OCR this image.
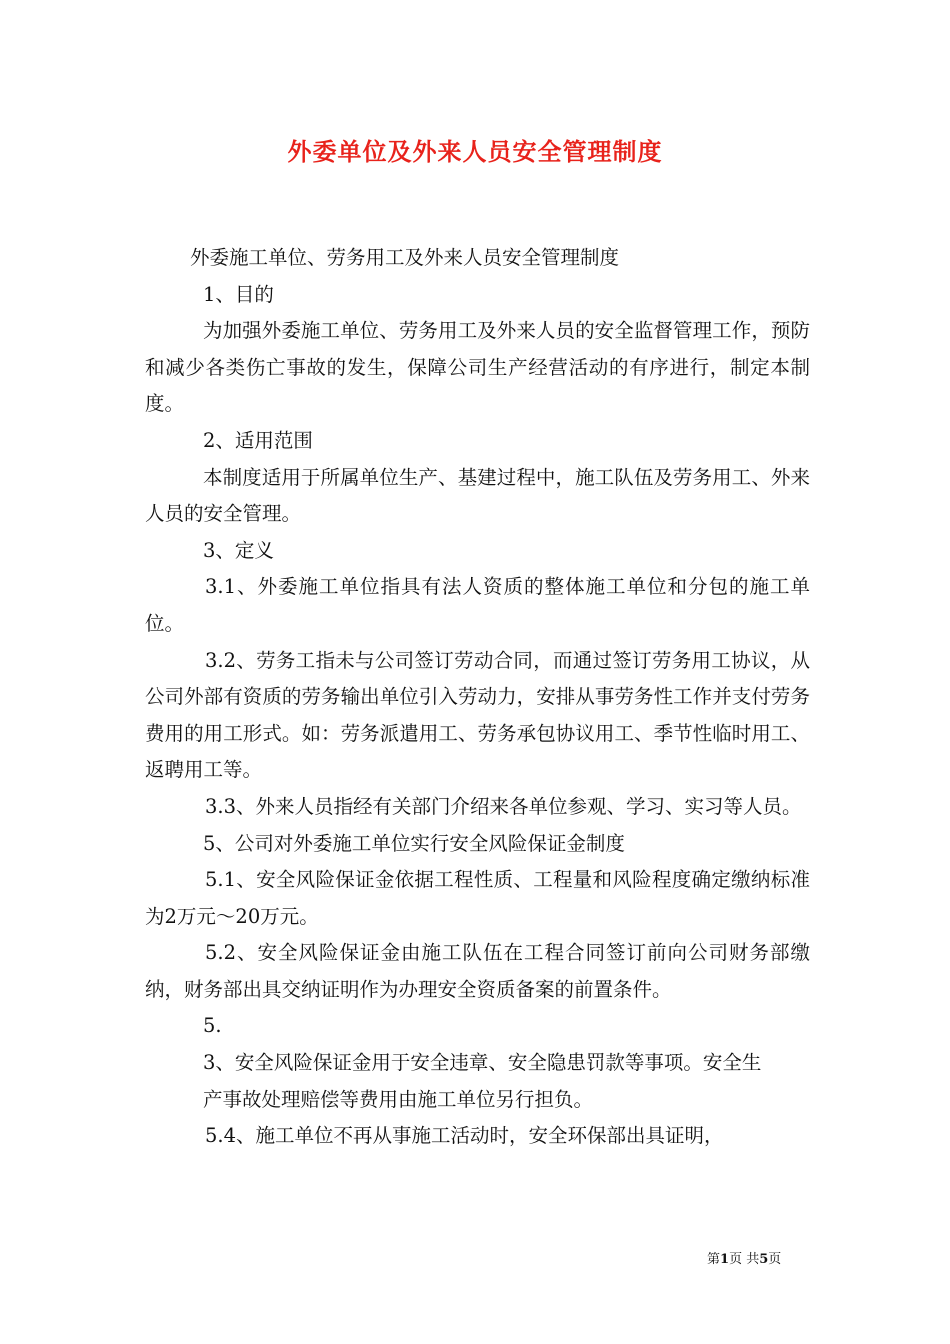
外委单位及外来人员安全管理制度

外委施工单位、劳务用工及外来人员安全管理制度

1、目的

为加强外委施工单位、劳务用工及外来人员的安全监督管理工作，预防和减少各类伤亡事故的发生，保障公司生产经营活动的有序进行，制定本制度。

2、适用范围

本制度适用于所属单位生产、基建过程中，施工队伍及劳务用工、外来人员的安全管理。

3、定义

3.1、外委施工单位指具有法人资质的整体施工单位和分包的施工单位。

3.2、劳务工指未与公司签订劳动合同，而通过签订劳务用工协议，从公司外部有资质的劳务输出单位引入劳动力，安排从事劳务性工作并支付劳务费用的用工形式。如：劳务派遣用工、劳务承包协议用工、季节性临时用工、返聘用工等。

3.3、外来人员指经有关部门介绍来各单位参观、学习、实习等人员。

5、公司对外委施工单位实行安全风险保证金制度

5.1、安全风险保证金依据工程性质、工程量和风险程度确定缴纳标准为2万元～20万元。

5.2、安全风险保证金由施工队伍在工程合同签订前向公司财务部缴纳，财务部出具交纳证明作为办理安全资质备案的前置条件。

5.

3、安全风险保证金用于安全违章、安全隐患罚款等事项。安全生

产事故处理赔偿等费用由施工单位另行担负。

5.4、施工单位不再从事施工活动时，安全环保部出具证明，

第1页 共5页
